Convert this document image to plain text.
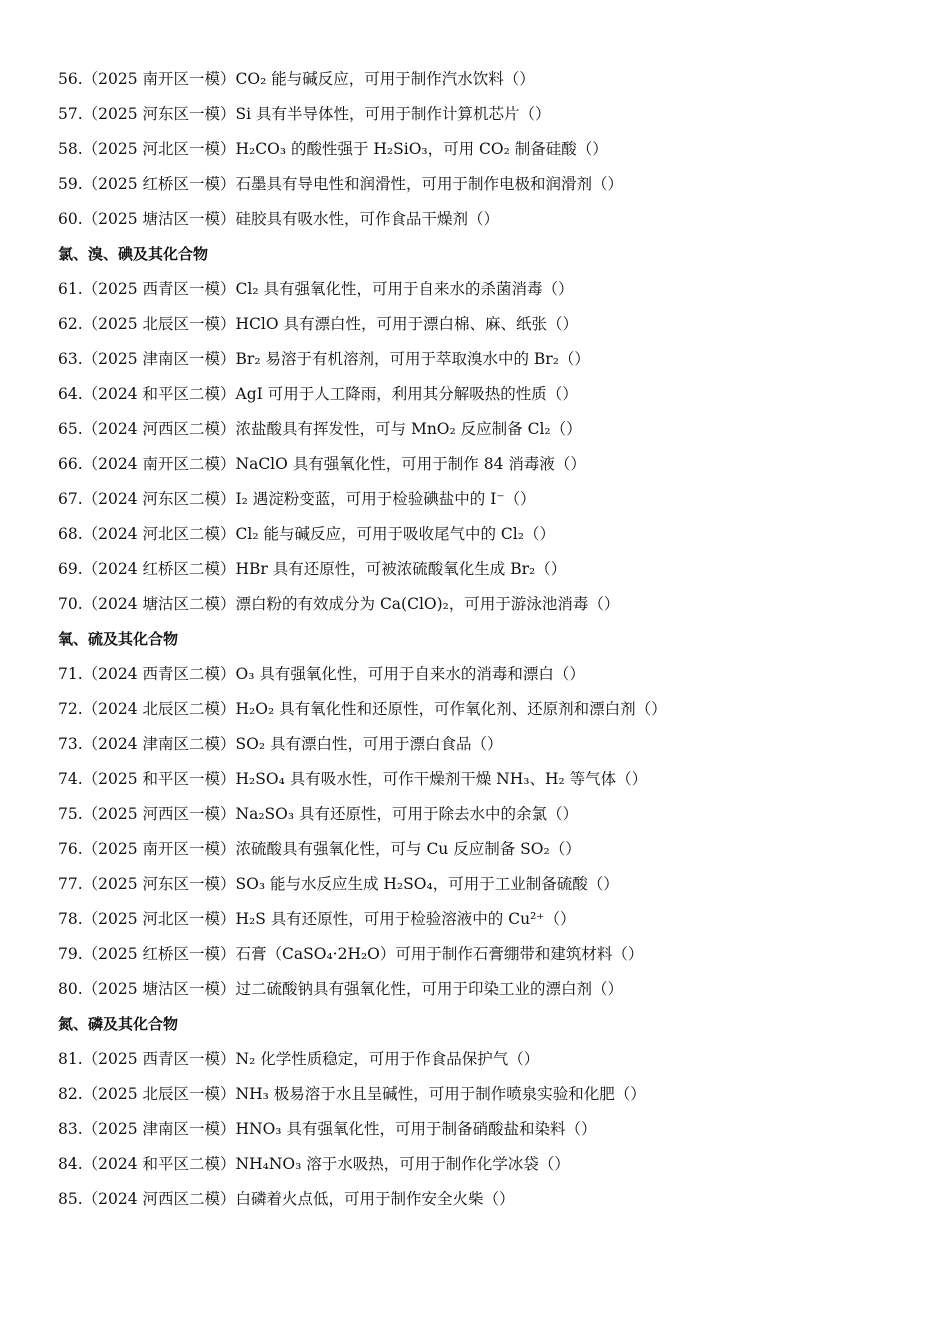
56.（2025 南开区一模）CO₂ 能与碱反应，可用于制作汽水饮料（）
57.（2025 河东区一模）Si 具有半导体性，可用于制作计算机芯片（）
58.（2025 河北区一模）H₂CO₃ 的酸性强于 H₂SiO₃，可用 CO₂ 制备硅酸（）
59.（2025 红桥区一模）石墨具有导电性和润滑性，可用于制作电极和润滑剂（）
60.（2025 塘沽区一模）硅胶具有吸水性，可作食品干燥剂（）
氯、溴、碘及其化合物
61.（2025 西青区一模）Cl₂ 具有强氧化性，可用于自来水的杀菌消毒（）
62.（2025 北辰区一模）HClO 具有漂白性，可用于漂白棉、麻、纸张（）
63.（2025 津南区一模）Br₂ 易溶于有机溶剂，可用于萃取溴水中的 Br₂（）
64.（2024 和平区二模）AgI 可用于人工降雨，利用其分解吸热的性质（）
65.（2024 河西区二模）浓盐酸具有挥发性，可与 MnO₂ 反应制备 Cl₂（）
66.（2024 南开区二模）NaClO 具有强氧化性，可用于制作 84 消毒液（）
67.（2024 河东区二模）I₂ 遇淀粉变蓝，可用于检验碘盐中的 I⁻（）
68.（2024 河北区二模）Cl₂ 能与碱反应，可用于吸收尾气中的 Cl₂（）
69.（2024 红桥区二模）HBr 具有还原性，可被浓硫酸氧化生成 Br₂（）
70.（2024 塘沽区二模）漂白粉的有效成分为 Ca(ClO)₂，可用于游泳池消毒（）
氧、硫及其化合物
71.（2024 西青区二模）O₃ 具有强氧化性，可用于自来水的消毒和漂白（）
72.（2024 北辰区二模）H₂O₂ 具有氧化性和还原性，可作氧化剂、还原剂和漂白剂（）
73.（2024 津南区二模）SO₂ 具有漂白性，可用于漂白食品（）
74.（2025 和平区一模）H₂SO₄ 具有吸水性，可作干燥剂干燥 NH₃、H₂ 等气体（）
75.（2025 河西区一模）Na₂SO₃ 具有还原性，可用于除去水中的余氯（）
76.（2025 南开区一模）浓硫酸具有强氧化性，可与 Cu 反应制备 SO₂（）
77.（2025 河东区一模）SO₃ 能与水反应生成 H₂SO₄，可用于工业制备硫酸（）
78.（2025 河北区一模）H₂S 具有还原性，可用于检验溶液中的 Cu²⁺（）
79.（2025 红桥区一模）石膏（CaSO₄·2H₂O）可用于制作石膏绷带和建筑材料（）
80.（2025 塘沽区一模）过二硫酸钠具有强氧化性，可用于印染工业的漂白剂（）
氮、磷及其化合物
81.（2025 西青区一模）N₂ 化学性质稳定，可用于作食品保护气（）
82.（2025 北辰区一模）NH₃ 极易溶于水且呈碱性，可用于制作喷泉实验和化肥（）
83.（2025 津南区一模）HNO₃ 具有强氧化性，可用于制备硝酸盐和染料（）
84.（2024 和平区二模）NH₄NO₃ 溶于水吸热，可用于制作化学冰袋（）
85.（2024 河西区二模）白磷着火点低，可用于制作安全火柴（）
